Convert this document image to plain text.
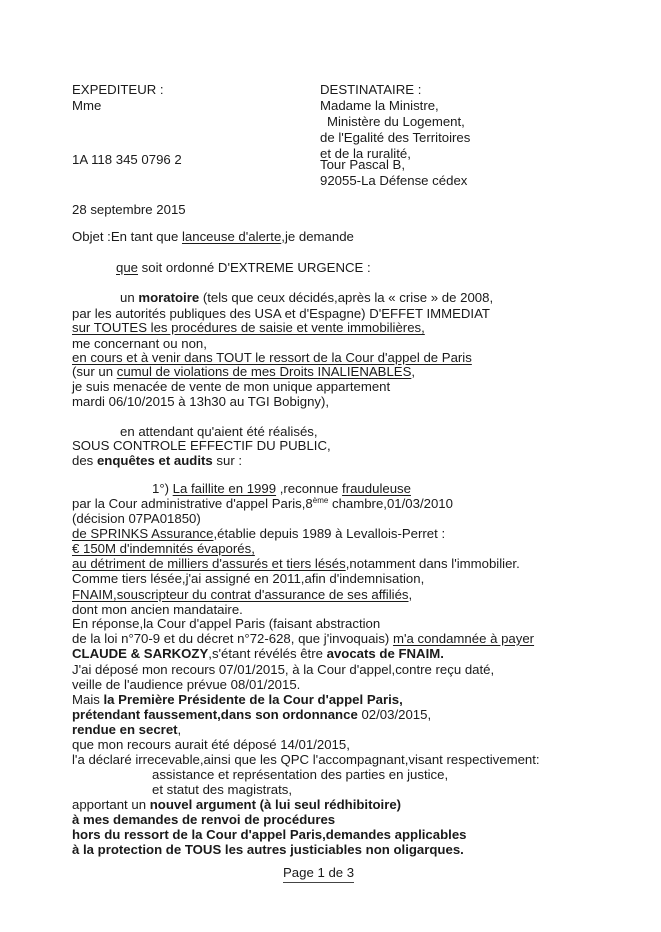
EXPEDITEUR :
Mme
1A 118 345 0796 2
DESTINATAIRE :
Madame la Ministre,
Ministère du Logement,
de l'Egalité des Territoires
et de la ruralité,
Tour Pascal B,
92055-La Défense cédex
28 septembre 2015
Objet :En tant que lanceuse d'alerte,je demande
que soit ordonné D'EXTREME URGENCE :
un moratoire (tels que ceux décidés,après la « crise » de 2008,
par les autorités publiques des USA et d'Espagne) D'EFFET IMMEDIAT
sur TOUTES les procédures de saisie et vente immobilières,
me concernant ou non,
en cours et à venir dans TOUT le ressort de la Cour d'appel de Paris
(sur un cumul de violations de mes Droits INALIENABLES,
je suis menacée de vente de mon unique appartement
mardi 06/10/2015 à 13h30 au TGI Bobigny),
en attendant qu'aient été réalisés,
SOUS CONTROLE EFFECTIF DU PUBLIC,
des enquêtes et audits sur :
1°) La faillite en 1999 ,reconnue frauduleuse
par la Cour administrative d'appel Paris,8ème chambre,01/03/2010
(décision 07PA01850)
de SPRINKS Assurance,établie depuis 1989 à Levallois-Perret :
€ 150M d'indemnités évaporés,
au détriment de milliers d'assurés et tiers lésés,notamment dans l'immobilier.
Comme tiers lésée,j'ai assigné en 2011,afin d'indemnisation,
FNAIM,souscripteur du contrat d'assurance de ses affiliés,
dont mon ancien mandataire.
En réponse,la Cour d'appel Paris (faisant abstraction
de la loi n°70-9 et du décret n°72-628, que j'invoquais) m'a condamnée à payer
CLAUDE & SARKOZY,s'étant révélés être avocats de FNAIM.
J'ai déposé mon recours 07/01/2015, à la Cour d'appel,contre reçu daté,
veille de l'audience prévue 08/01/2015.
Mais la Première Présidente de la Cour d'appel Paris,
prétendant faussement,dans son ordonnance 02/03/2015,
rendue en secret,
que mon recours aurait été déposé 14/01/2015,
l'a déclaré irrecevable,ainsi que les QPC l'accompagnant,visant respectivement:
assistance et représentation des parties en justice,
et statut des magistrats,
apportant un nouvel argument (à lui seul rédhibitoire)
à mes demandes de renvoi de procédures
hors du ressort de la Cour d'appel Paris,demandes applicables
à la protection de TOUS les autres justiciables non oligarques.
Page 1 de 3
